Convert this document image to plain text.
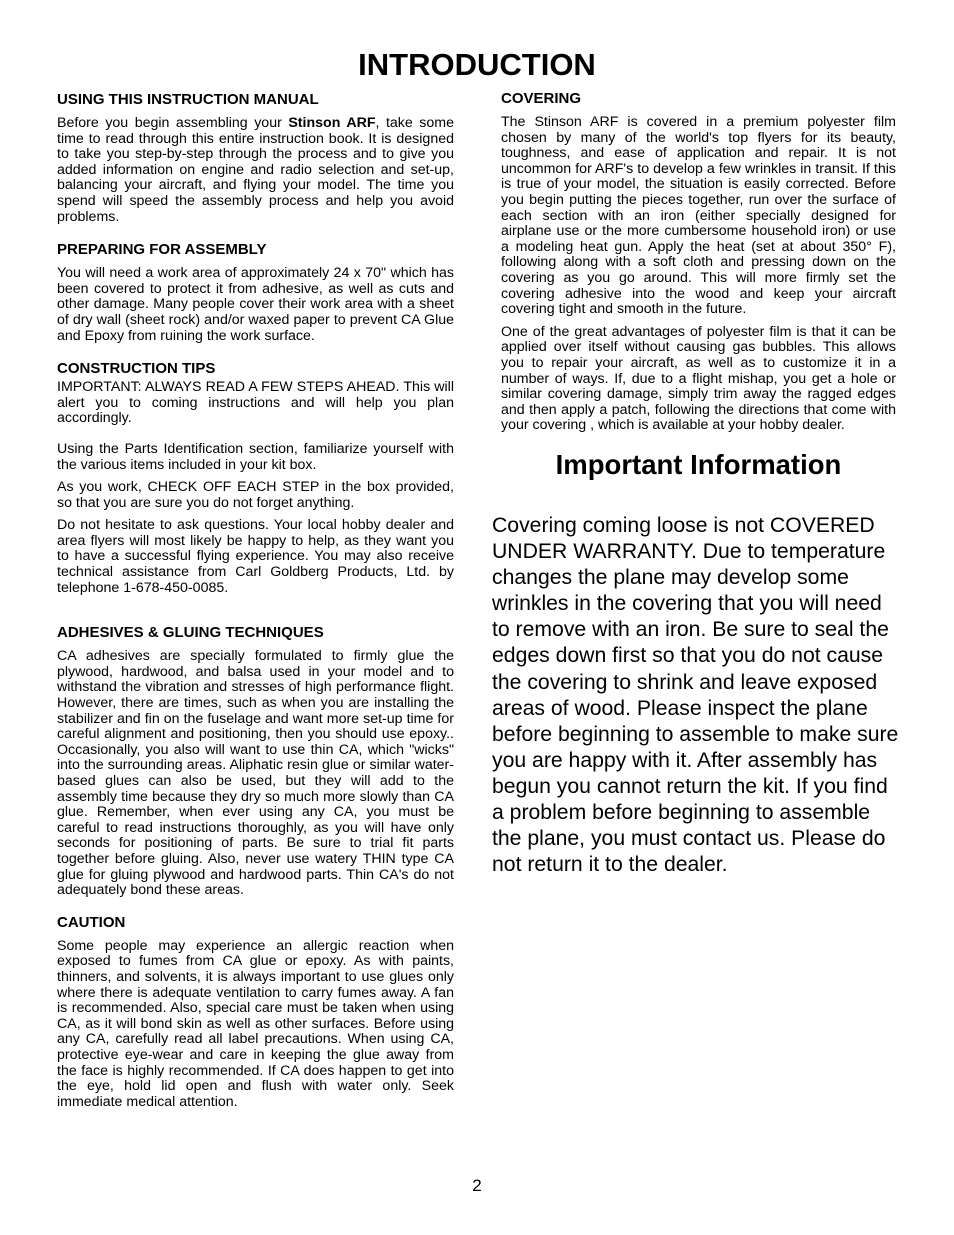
INTRODUCTION
USING THIS INSTRUCTION MANUAL

Before you begin assembling your Stinson ARF, take some time to read through this entire instruction book. It is designed to take you step-by-step through the process and to give you added information on engine and radio selection and set-up, balancing your aircraft, and flying your model. The time you spend will speed the assembly process and help you avoid problems.

PREPARING FOR ASSEMBLY

You will need a work area of approximately 24 x 70" which has been covered to protect it from adhesive, as well as cuts and other damage. Many people cover their work area with a sheet of dry wall (sheet rock) and/or waxed paper to prevent CA Glue and Epoxy from ruining the work surface.

CONSTRUCTION TIPS

IMPORTANT: ALWAYS READ A FEW STEPS AHEAD. This will alert you to coming instructions and will help you plan accordingly.

Using the Parts Identification section, familiarize yourself with the various items included in your kit box.

As you work, CHECK OFF EACH STEP in the box provided, so that you are sure you do not forget anything.

Do not hesitate to ask questions. Your local hobby dealer and area flyers will most likely be happy to help, as they want you to have a successful flying experience. You may also receive technical assistance from Carl Goldberg Products, Ltd. by telephone 1-678-450-0085.

ADHESIVES & GLUING TECHNIQUES

CA adhesives are specially formulated to firmly glue the plywood, hardwood, and balsa used in your model and to withstand the vibration and stresses of high performance flight. However, there are times, such as when you are installing the stabilizer and fin on the fuselage and want more set-up time for careful alignment and positioning, then you should use epoxy.. Occasionally, you also will want to use thin CA, which "wicks" into the surrounding areas. Aliphatic resin glue or similar water-based glues can also be used, but they will add to the assembly time because they dry so much more slowly than CA glue. Remember, when ever using any CA, you must be careful to read instructions thoroughly, as you will have only seconds for positioning of parts. Be sure to trial fit parts together before gluing. Also, never use watery THIN type CA glue for gluing plywood and hardwood parts. Thin CA's do not adequately bond these areas.

CAUTION

Some people may experience an allergic reaction when exposed to fumes from CA glue or epoxy. As with paints, thinners, and solvents, it is always important to use glues only where there is adequate ventilation to carry fumes away. A fan is recommended. Also, special care must be taken when using CA, as it will bond skin as well as other surfaces. Before using any CA, carefully read all label precautions. When using CA, protective eye-wear and care in keeping the glue away from the face is highly recommended. If CA does happen to get into the eye, hold lid open and flush with water only. Seek immediate medical attention.

COVERING

The Stinson ARF is covered in a premium polyester film chosen by many of the world's top flyers for its beauty, toughness, and ease of application and repair. It is not uncommon for ARF's to develop a few wrinkles in transit. If this is true of your model, the situation is easily corrected. Before you begin putting the pieces together, run over the surface of each section with an iron (either specially designed for airplane use or the more cumbersome household iron) or use a modeling heat gun. Apply the heat (set at about 350° F), following along with a soft cloth and pressing down on the covering as you go around. This will more firmly set the covering adhesive into the wood and keep your aircraft covering tight and smooth in the future.

One of the great advantages of polyester film is that it can be applied over itself without causing gas bubbles. This allows you to repair your aircraft, as well as to customize it in a number of ways. If, due to a flight mishap, you get a hole or similar covering damage, simply trim away the ragged edges and then apply a patch, following the directions that come with your covering , which is available at your hobby dealer.

Important Information

Covering coming loose is not COVERED UNDER WARRANTY. Due to temperature changes the plane may develop some wrinkles in the covering that you will need to remove with an iron. Be sure to seal the edges down first so that you do not cause the covering to shrink and leave exposed areas of wood. Please inspect the plane before beginning to assemble to make sure you are happy with it. After assembly has begun you cannot return the kit. If you find a problem before beginning to assemble the plane, you must contact us. Please do not return it to the dealer.

2
